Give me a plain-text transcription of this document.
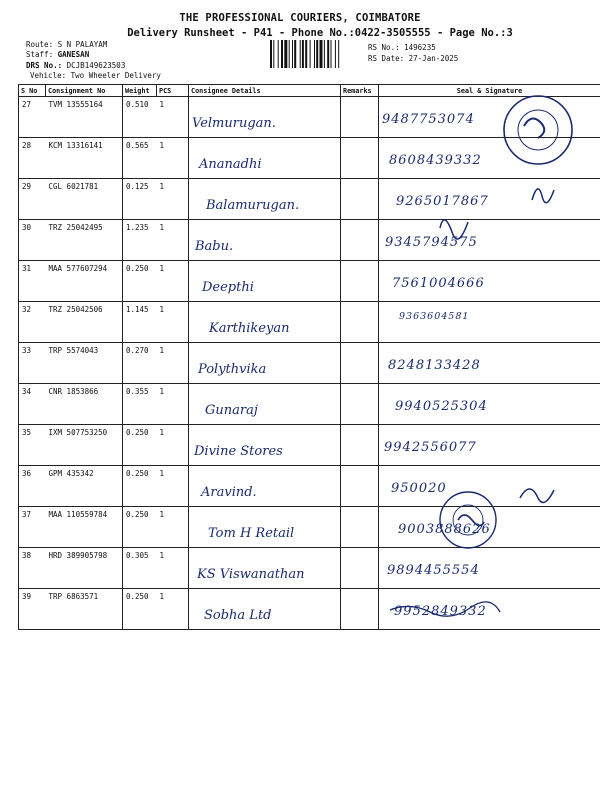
THE PROFESSIONAL COURIERS, COIMBATORE
Delivery Runsheet - P41 - Phone No.:0422-3505555 - Page No.:3
Route: S N PALAYAM
Staff: GANESAN
DRS No.: DCJB149623503
Vehicle: Two Wheeler Delivery
RS No.: 1496235
RS Date: 27-Jan-2025
S No	Consignment No	Weight	PCS	Consignee Details	Remarks	Seal & Signature
27	TVM 13555164	0.510	1	Velmurugan.		9487753074
28	KCM 13316141	0.565	1	Ananadhi		8608439332
29	CGL 6021781	0.125	1	Balamurugan.		9265017867
30	TRZ 25042495	1.235	1	Babu.		9345794575
31	MAA 577607294	0.250	1	Deepthi		7561004666
32	TRZ 25042506	1.145	1	Karthikeyan		9363604581
33	TRP 5574043	0.270	1	Polythvika		8248133428
34	CNR 1853866	0.355	1	Gunaraj		9940525304
35	IXM 507753250	0.250	1	Divine Stores		9942556077
36	GPM 435342	0.250	1	Aravind.		950020
37	MAA 110559784	0.250	1	Tom H Retail		9003888626
38	HRD 389905798	0.305	1	KS Viswanathan		9894455554
39	TRP 6863571	0.250	1	Sobha Ltd		9952849332
